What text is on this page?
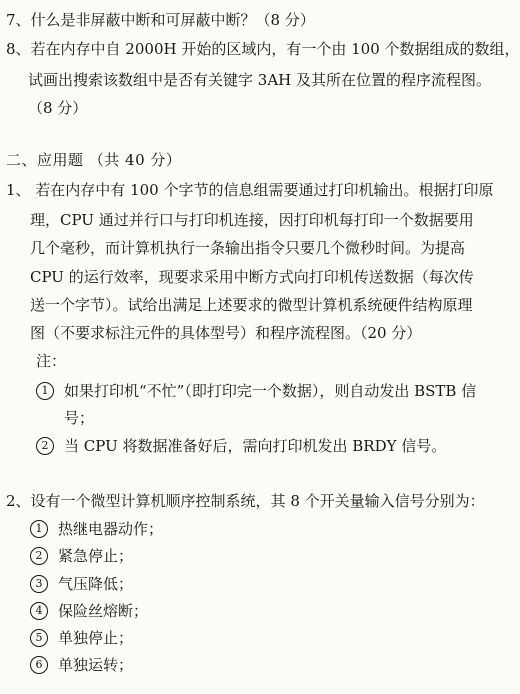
7、什么是非屏蔽中断和可屏蔽中断？（8 分）
8、若在内存中自 2000H 开始的区域内，有一个由 100 个数据组成的数组，
试画出搜索该数组中是否有关键字 3AH 及其所在位置的程序流程图。
（8 分）
二、应用题 （共 40 分）
1、 若在内存中有 100 个字节的信息组需要通过打印机输出。根据打印原
理，CPU 通过并行口与打印机连接，因打印机每打印一个数据要用
几个毫秒，而计算机执行一条输出指令只要几个微秒时间。为提高
CPU 的运行效率，现要求采用中断方式向打印机传送数据（每次传
送一个字节）。试给出满足上述要求的微型计算机系统硬件结构原理
图（不要求标注元件的具体型号）和程序流程图。（20 分）
注：
1 如果打印机“不忙”（即打印完一个数据），则自动发出 BSTB 信
号；
2 当 CPU 将数据准备好后，需向打印机发出 BRDY 信号。
2、设有一个微型计算机顺序控制系统，其 8 个开关量输入信号分别为：
1 热继电器动作；
2 紧急停止；
3 气压降低；
4 保险丝熔断；
5 单独停止；
6 单独运转；
